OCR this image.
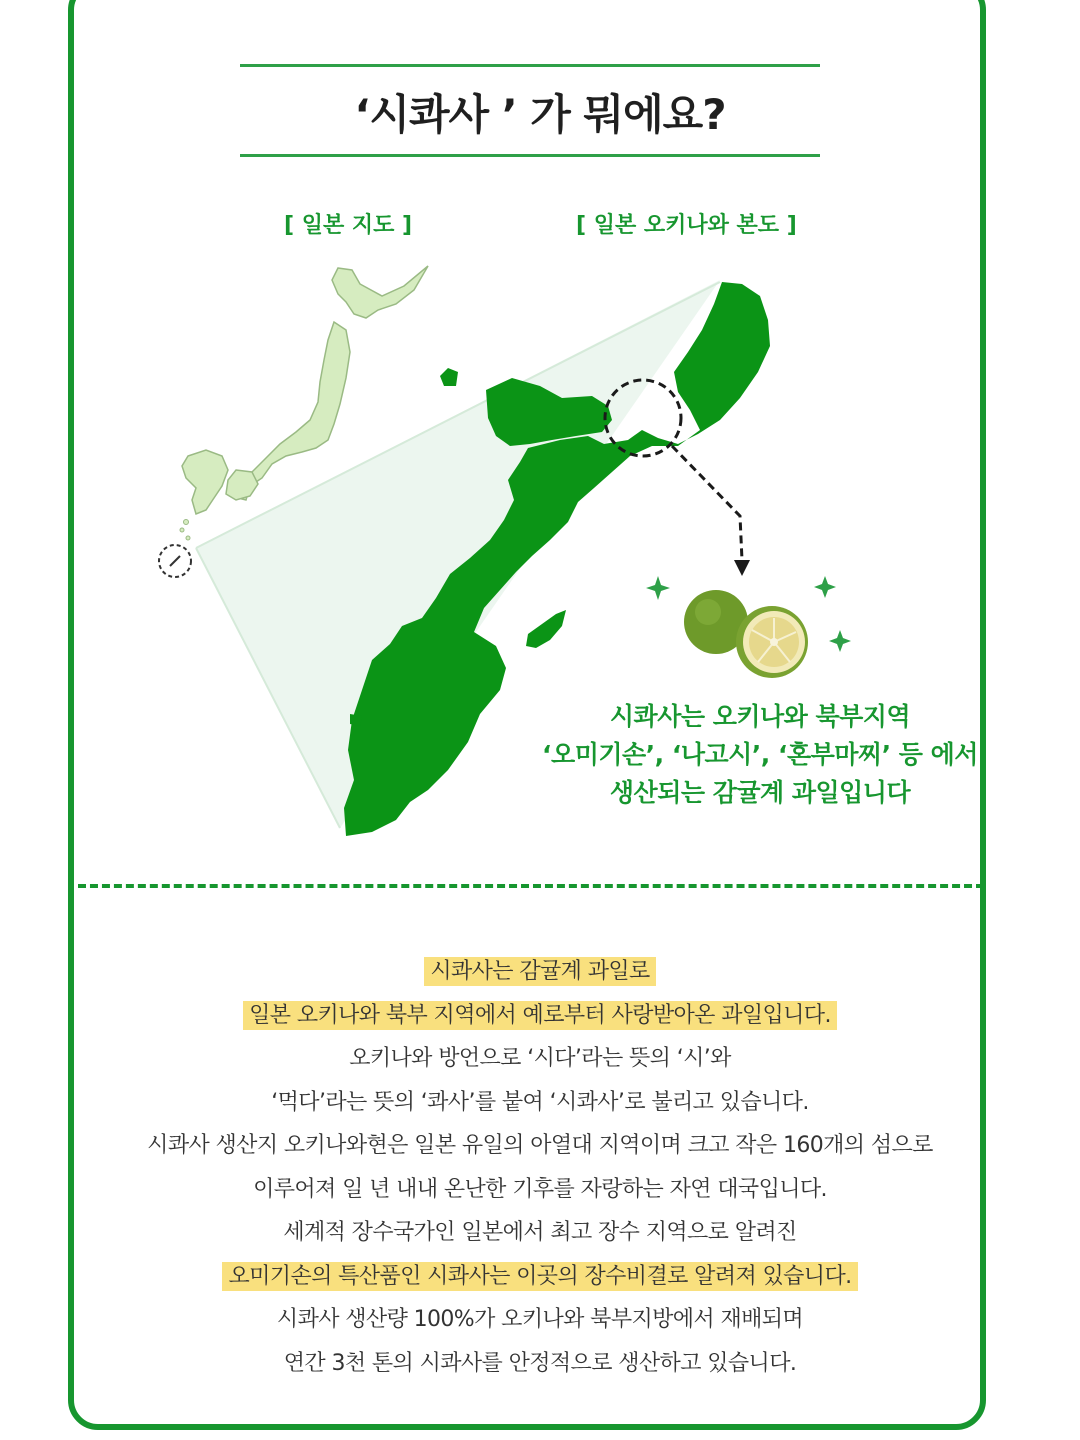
‘시콰사 ’ 가 뭐에요?
[ 일본 지도 ]	[ 일본 오키나와 본도 ]
시콰사는 오키나와 북부지역
‘오미기손’, ‘나고시’, ‘혼부마찌’ 등 에서
생산되는 감귤계 과일입니다
시콰사는 감귤계 과일로
일본 오키나와 북부 지역에서 예로부터 사랑받아온 과일입니다.
오키나와 방언으로 ‘시다’라는 뜻의 ‘시’와
‘먹다’라는 뜻의 ‘콰사’를 붙여 ‘시콰사’로 불리고 있습니다.
시콰사 생산지 오키나와현은 일본 유일의 아열대 지역이며 크고 작은 160개의 섬으로
이루어져 일 년 내내 온난한 기후를 자랑하는 자연 대국입니다.
세계적 장수국가인 일본에서 최고 장수 지역으로 알려진
오미기손의 특산품인 시콰사는 이곳의 장수비결로 알려져 있습니다.
시콰사 생산량 100%가 오키나와 북부지방에서 재배되며
연간 3천 톤의 시콰사를 안정적으로 생산하고 있습니다.
